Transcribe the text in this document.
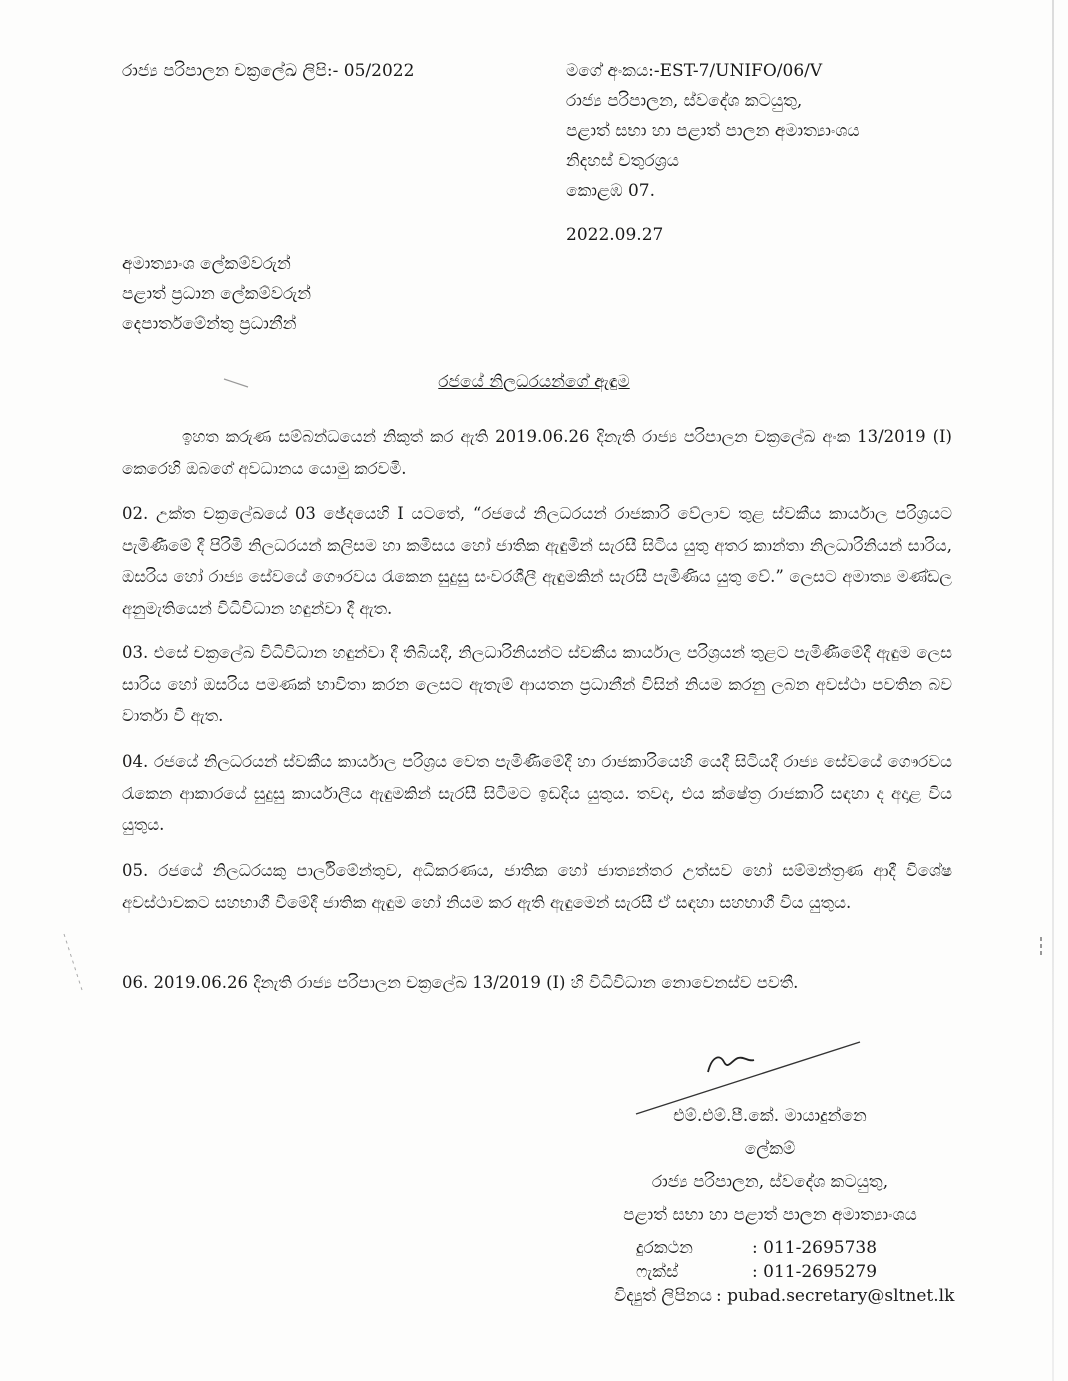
රාජ්‍ය පරිපාලන චක්‍රලේඛ ලිපි:- 05/2022	මගේ අංකය:-EST-7/UNIFO/06/V
රාජ්‍ය පරිපාලන, ස්වදේශ කටයුතු,
පළාත් සභා හා පළාත් පාලන අමාත්‍යාංශය
නිදහස් චතුරශ්‍රය
කොළඹ 07.
2022.09.27
අමාත්‍යාංශ ලේකම්වරුන්
පළාත් ප්‍රධාන ලේකම්වරුන්
දෙපාර්තමේන්තු ප්‍රධානීන්
රජයේ නිලධරයන්ගේ ඇඳුම
ඉහත කරුණ සම්බන්ධයෙන් නිකුත් කර ඇති 2019.06.26 දිනැති රාජ්‍ය පරිපාලන චක්‍රලේඛ අංක 13/2019 (I) කෙරෙහි ඔබගේ අවධානය යොමු කරවමි.
02. උක්ත චක්‍රලේඛයේ 03 ඡේදයෙහි I යටතේ, “රජයේ නිලධරයන් රාජකාරි වේලාව තුළ ස්වකීය කාර්යාල පරිශ්‍රයට පැමිණීමේ දී පිරිමි නිලධරයන් කලිසම හා කමිසය හෝ ජාතික ඇඳුමින් සැරසී සිටිය යුතු අතර කාන්තා නිලධාරිනියන් සාරිය, ඔසරිය හෝ රාජ්‍ය සේවයේ ගෞරවය රැකෙන සුදුසු සංවරශීලී ඇඳුමකින් සැරසී පැමිණිය යුතු වේ.” ලෙසට අමාත්‍ය මණ්ඩල අනුමැතියෙන් විධිවිධාන හඳුන්වා දී ඇත.
03. එසේ චක්‍රලේඛ විධිවිධාන හඳුන්වා දී තිබියදී, නිලධාරිනියන්ට ස්වකීය කාර්යාල පරිශ්‍රයන් තුළට පැමිණීමේදී ඇඳුම ලෙස සාරිය හෝ ඔසරිය පමණක් භාවිතා කරන ලෙසට ඇතැම් ආයතන ප්‍රධානීන් විසින් නියම කරනු ලබන අවස්ථා පවතින බව වාර්තා වී ඇත.
04. රජයේ නිලධරයන් ස්වකීය කාර්යාල පරිශ්‍රය වෙත පැමිණීමේදී හා රාජකාරියෙහි යෙදී සිටියදී රාජ්‍ය සේවයේ ගෞරවය රැකෙන ආකාරයේ සුදුසු කාර්යාලීය ඇඳුමකින් සැරසී සිටීමට ඉඩදිය යුතුය. තවද, එය ක්ෂේත්‍ර රාජකාරි සඳහා ද අදාළ විය යුතුය.
05. රජයේ නිලධරයකු පාර්ලිමේන්තුව, අධිකරණය, ජාතික හෝ ජාත්‍යන්තර උත්සව හෝ සම්මන්ත්‍රණ ආදී විශේෂ අවස්ථාවකට සහභාගී වීමේදී ජාතික ඇඳුම හෝ නියම කර ඇති ඇඳුමෙන් සැරසී ඒ සඳහා සහභාගී විය යුතුය.
06. 2019.06.26 දිනැති රාජ්‍ය පරිපාලන චක්‍රලේඛ 13/2019 (I) හි විධිවිධාන නොවෙනස්ව පවතී.
එම්.එම්.පී.කේ. මායාදුන්නෙ
ලේකම්
රාජ්‍ය පරිපාලන, ස්වදේශ කටයුතු,
පළාත් සභා හා පළාත් පාලන අමාත්‍යාංශය
දුරකථන	: 011-2695738
ෆැක්ස්	: 011-2695279
විද්‍යුත් ලිපිනය : pubad.secretary@sltnet.lk
